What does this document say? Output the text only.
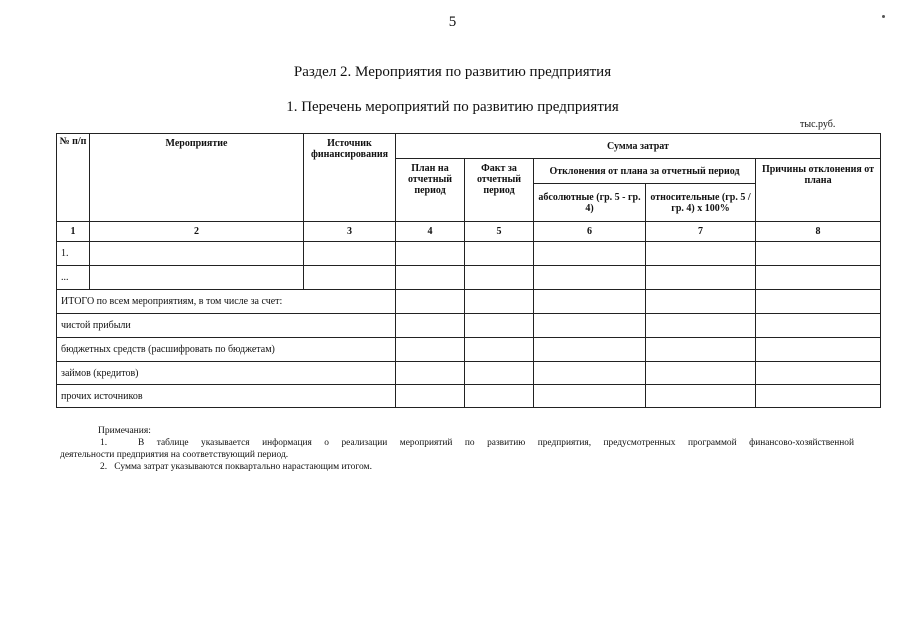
5
Раздел 2. Мероприятия по развитию предприятия
1. Перечень мероприятий по развитию предприятия
тыс.руб.
№ п/п	Мероприятие	Источник финансирования	Сумма затрат				
			План на отчетный период	Факт за отчетный период	Отклонения от плана за отчетный период		Причины отклонения от плана
					абсолютные (гр. 5 - гр. 4)	относительные (гр. 5 / гр. 4) х 100%	
1	2	3	4	5	6	7	8
1.							
...							
ИТОГО по всем мероприятиям, в том числе за счет:							
чистой прибыли							
бюджетных средств (расшифровать по бюджетам)							
займов (кредитов)							
прочих источников							
Примечания:
1.	В таблице указывается информация о реализации мероприятий по развитию предприятия, предусмотренных программой финансово-хозяйственной
деятельности предприятия на соответствующий период.
2.   Сумма затрат указываются поквартально нарастающим итогом.
